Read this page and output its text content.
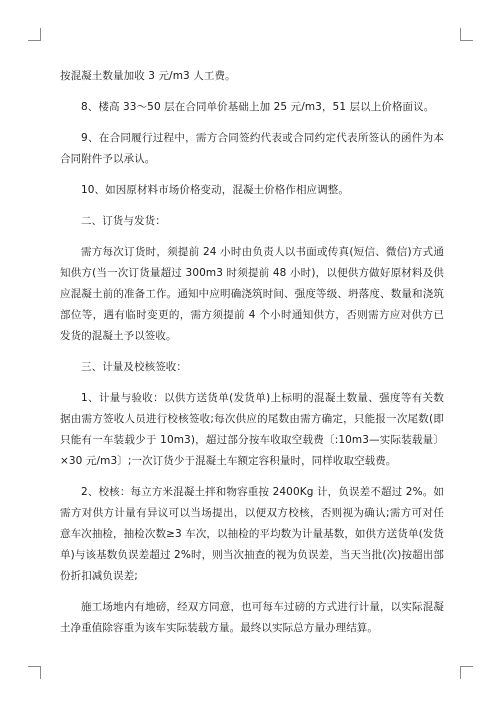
按混凝土数量加收 3 元/m3 人工费。

8、楼高 33～50 层在合同单价基础上加 25 元/m3，51 层以上价格面议。

9、在合同履行过程中，需方合同签约代表或合同约定代表所签认的函件为本合同附件予以承认。

10、如因原材料市场价格变动，混凝土价格作相应调整。

二、订货与发货：

需方每次订货时，须提前 24 小时由负责人以书面或传真(短信、微信)方式通知供方(当一次订货量超过 300m3 时须提前 48 小时)，以便供方做好原材料及供应混凝土前的准备工作。通知中应明确浇筑时间、强度等级、坍落度、数量和浇筑部位等，遇有临时变更的，需方须提前 4 个小时通知供方，否则需方应对供方已发货的混凝土予以签收。

三、计量及校核签收：

1、计量与验收：以供方送货单(发货单)上标明的混凝土数量、强度等有关数据由需方签收人员进行校核签收;每次供应的尾数由需方确定，只能报一次尾数(即只能有一车装载少于 10m3)，超过部分按车收取空载费〔:10m3—实际装载量〕×30 元/m3〕;一次订货少于混凝土车额定容积量时，同样收取空载费。

2、校核：每立方米混凝土拌和物容重按 2400Kg 计，负误差不超过 2%。如需方对供方计量有异议可以当场提出，以便双方校核，否则视为确认;需方可对任意车次抽检，抽检次数≥3 车次，以抽检的平均数为计量基数，如供方送货单(发货单)与该基数负误差超过 2%时，则当次抽查的视为负误差，当天当批(次)按超出部份折扣减负误差;

施工场地内有地磅，经双方同意，也可每车过磅的方式进行计量，以实际混凝土净重值除容重为该车实际装载方量。最终以实际总方量办理结算。
